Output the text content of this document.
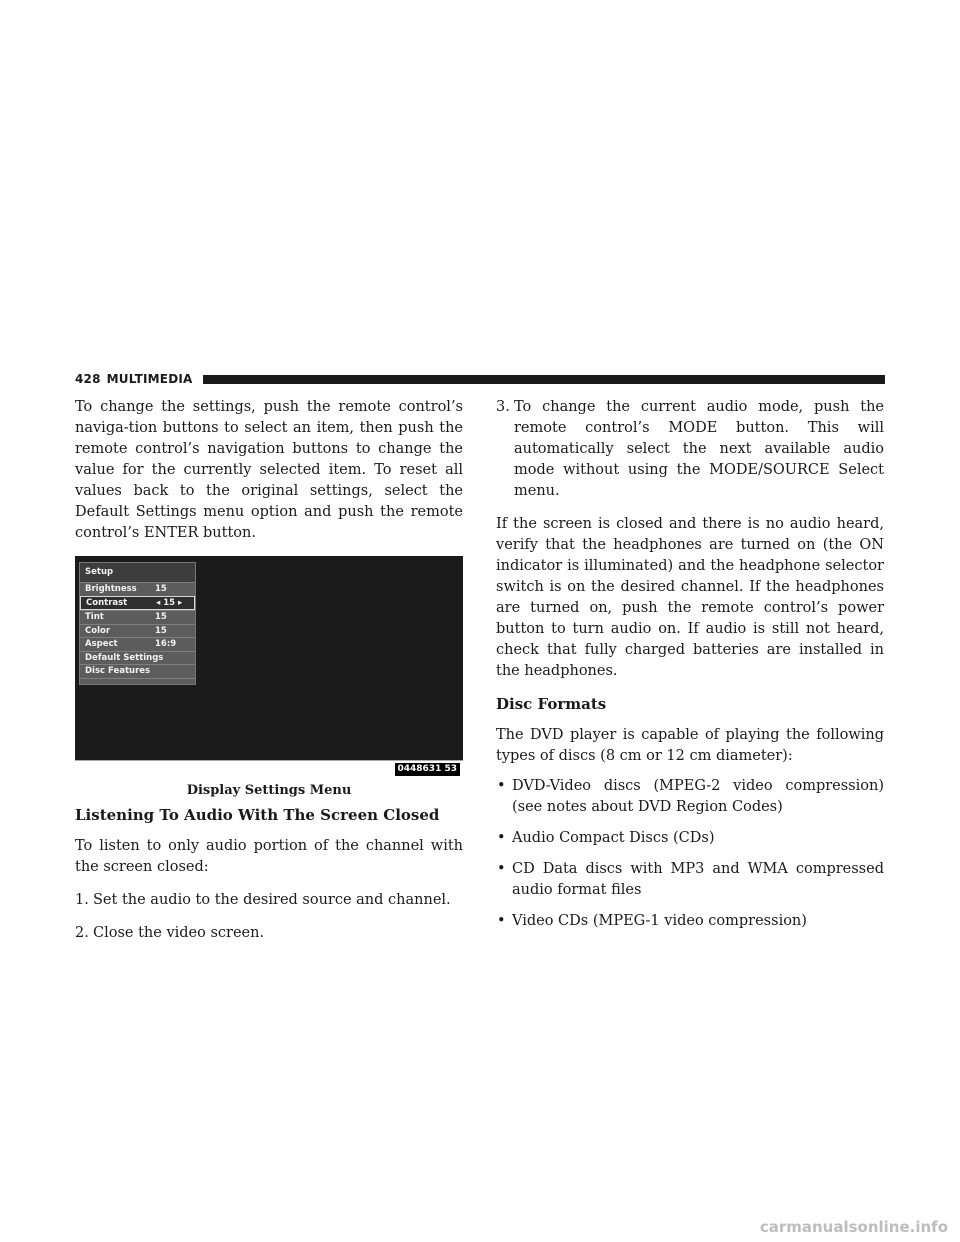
428 MULTIMEDIA

To change the settings, push the remote control’s naviga-tion buttons to select an item, then push the remote control’s navigation buttons to change the value for the currently selected item. To reset all values back to the original settings, select the Default Settings menu option and push the remote control’s ENTER button.

Setup
Brightness	15
Contrast	◂ 15 ▸
Tint	15
Color	15
Aspect	16:9
Default Settings
Disc Features
0448631 53
Display Settings Menu
Listening To Audio With The Screen Closed

To listen to only audio portion of the channel with the screen closed:

1. Set the audio to the desired source and channel.
2. Close the video screen.
3. To change the current audio mode, push the remote control’s MODE button. This will automatically select the next available audio mode without using the MODE/SOURCE Select menu.

If the screen is closed and there is no audio heard, verify that the headphones are turned on (the ON indicator is illuminated) and the headphone selector switch is on the desired channel. If the headphones are turned on, push the remote control’s power button to turn audio on. If audio is still not heard, check that fully charged batteries are installed in the headphones.

Disc Formats

The DVD player is capable of playing the following types of discs (8 cm or 12 cm diameter):

• DVD-Video discs (MPEG-2 video compression) (see notes about DVD Region Codes)
• Audio Compact Discs (CDs)
• CD Data discs with MP3 and WMA compressed audio format files
• Video CDs (MPEG-1 video compression)
carmanualsonline.info
